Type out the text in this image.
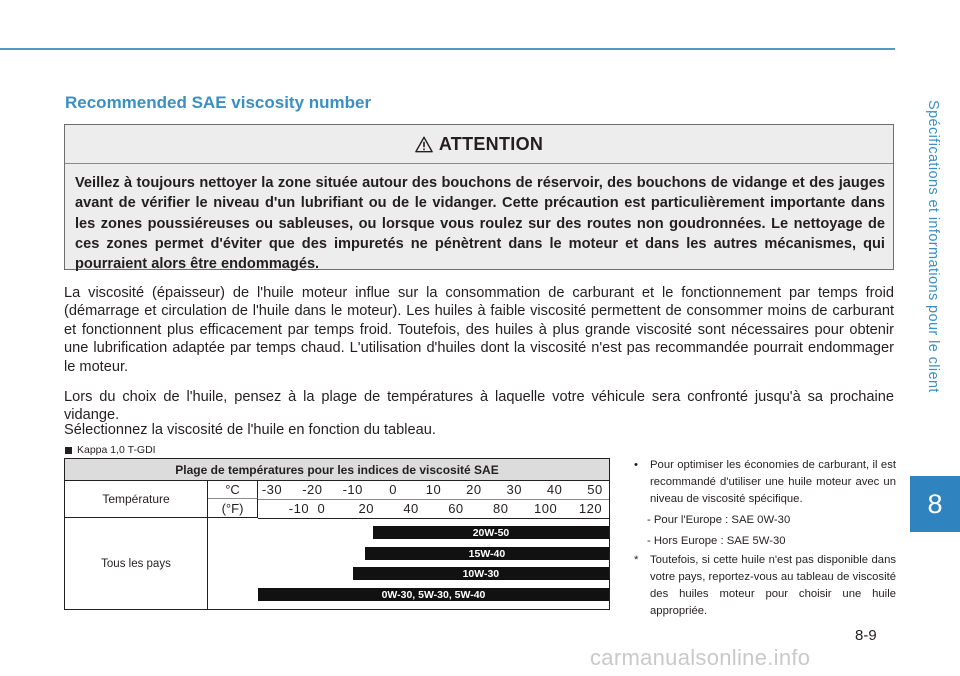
Spécifications et informations pour le client
8
Recommended SAE viscosity number
ATTENTION
Veillez à toujours nettoyer la zone située autour des bouchons de réservoir, des bouchons de vidange et des jauges avant de vérifier le niveau d'un lubrifiant ou de le vidanger. Cette précaution est particulièrement importante dans les zones poussiéreuses ou sableuses, ou lorsque vous roulez sur des routes non goudronnées. Le nettoyage de ces zones permet d'éviter que des impuretés ne pénètrent dans le moteur et dans les autres mécanismes, qui pourraient alors être endommagés.
La viscosité (épaisseur) de l'huile moteur influe sur la consommation de carburant et le fonctionnement par temps froid (démarrage et circulation de l'huile dans le moteur). Les huiles à faible viscosité permettent de consommer moins de carburant et fonctionnent plus efficacement par temps froid. Toutefois, des huiles à plus grande viscosité sont nécessaires pour obtenir une lubrification adaptée par temps chaud. L'utilisation d'huiles dont la viscosité n'est pas recommandée pourrait endommager le moteur.
Lors du choix de l'huile, pensez à la plage de températures à laquelle votre véhicule sera confronté jusqu'à sa prochaine vidange.
Sélectionnez la viscosité de l'huile en fonction du tableau.
Kappa 1,0 T-GDI
Plage de températures pour les indices de viscosité SAE
Température
°C
(°F)
-30 -20 -10 0 10 20 30 40 50
-10 0	20 40 60 80 100 120
Tous les pays
20W-50
15W-40
10W-30
0W-30, 5W-30, 5W-40
• Pour optimiser les économies de carburant, il est recommandé d'utiliser une huile moteur avec un niveau de viscosité spécifique.
- Pour l'Europe : SAE 0W-30
- Hors Europe : SAE 5W-30
* Toutefois, si cette huile n'est pas disponible dans votre pays, reportez-vous au tableau de viscosité des huiles moteur pour choisir une huile appropriée.
8-9
carmanualsonline.info
